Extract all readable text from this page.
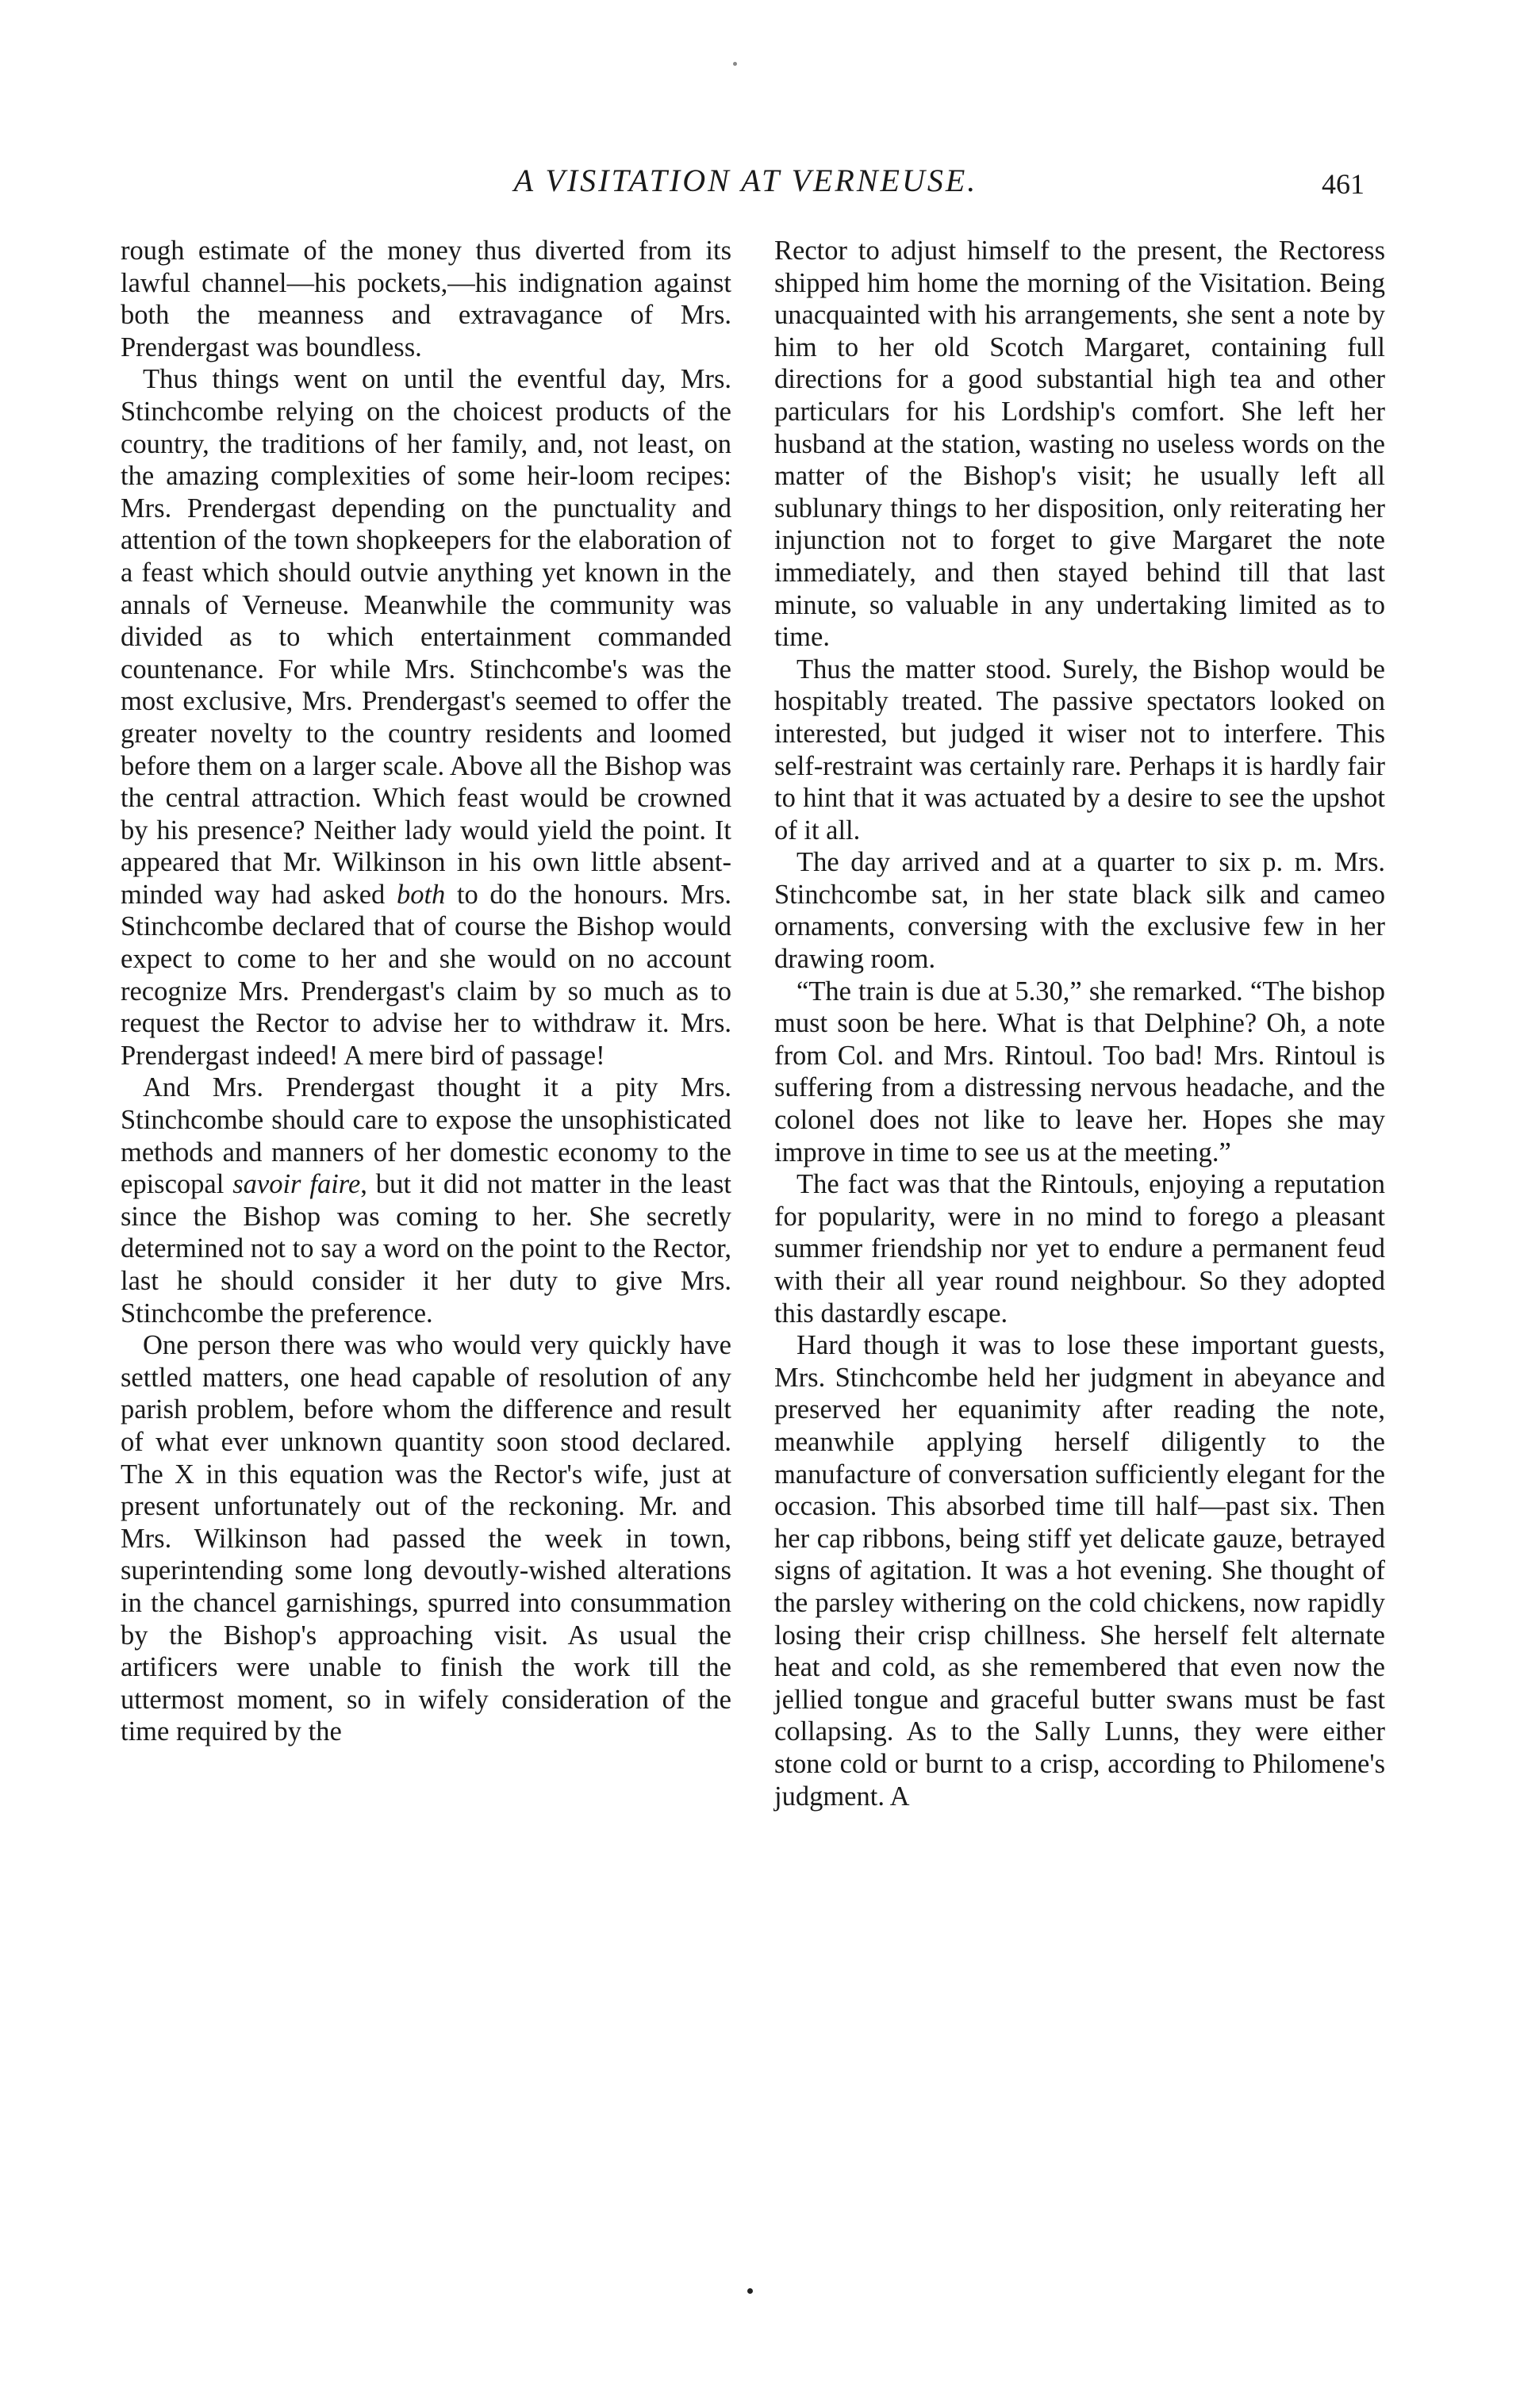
A VISITATION AT VERNEUSE.	461

rough estimate of the money thus diverted from its lawful channel—his pockets,—his indignation against both the meanness and extravagance of Mrs. Prendergast was boundless.

Thus things went on until the eventful day, Mrs. Stinchcombe relying on the choicest products of the country, the traditions of her family, and, not least, on the amazing complexities of some heir-loom recipes: Mrs. Prendergast depending on the punctuality and attention of the town shopkeepers for the elaboration of a feast which should outvie anything yet known in the annals of Verneuse. Meanwhile the community was divided as to which entertainment commanded countenance. For while Mrs. Stinchcombe's was the most exclusive, Mrs. Prendergast's seemed to offer the greater novelty to the country residents and loomed before them on a larger scale. Above all the Bishop was the central attraction. Which feast would be crowned by his presence? Neither lady would yield the point. It appeared that Mr. Wilkinson in his own little absent-minded way had asked both to do the honours. Mrs. Stinchcombe declared that of course the Bishop would expect to come to her and she would on no account recognize Mrs. Prendergast's claim by so much as to request the Rector to advise her to withdraw it. Mrs. Prendergast indeed! A mere bird of passage!

And Mrs. Prendergast thought it a pity Mrs. Stinchcombe should care to expose the unsophisticated methods and manners of her domestic economy to the episcopal savoir faire, but it did not matter in the least since the Bishop was coming to her. She secretly determined not to say a word on the point to the Rector, last he should consider it her duty to give Mrs. Stinchcombe the preference.

One person there was who would very quickly have settled matters, one head capable of resolution of any parish problem, before whom the difference and result of what ever unknown quantity soon stood declared. The X in this equation was the Rector's wife, just at present unfortunately out of the reckoning. Mr. and Mrs. Wilkinson had passed the week in town, superintending some long devoutly-wished alterations in the chancel garnishings, spurred into consummation by the Bishop's approaching visit. As usual the artificers were unable to finish the work till the uttermost moment, so in wifely consideration of the time required by the

Rector to adjust himself to the present, the Rectoress shipped him home the morning of the Visitation. Being unacquainted with his arrangements, she sent a note by him to her old Scotch Margaret, containing full directions for a good substantial high tea and other particulars for his Lordship's comfort. She left her husband at the station, wasting no useless words on the matter of the Bishop's visit; he usually left all sublunary things to her disposition, only reiterating her injunction not to forget to give Margaret the note immediately, and then stayed behind till that last minute, so valuable in any undertaking limited as to time.

Thus the matter stood. Surely, the Bishop would be hospitably treated. The passive spectators looked on interested, but judged it wiser not to interfere. This self-restraint was certainly rare. Perhaps it is hardly fair to hint that it was actuated by a desire to see the upshot of it all.

The day arrived and at a quarter to six p. m. Mrs. Stinchcombe sat, in her state black silk and cameo ornaments, conversing with the exclusive few in her drawing room.

“The train is due at 5.30,” she remarked. “The bishop must soon be here. What is that Delphine? Oh, a note from Col. and Mrs. Rintoul. Too bad! Mrs. Rintoul is suffering from a distressing nervous headache, and the colonel does not like to leave her. Hopes she may improve in time to see us at the meeting.”

The fact was that the Rintouls, enjoying a reputation for popularity, were in no mind to forego a pleasant summer friendship nor yet to endure a permanent feud with their all year round neighbour. So they adopted this dastardly escape.

Hard though it was to lose these important guests, Mrs. Stinchcombe held her judgment in abeyance and preserved her equanimity after reading the note, meanwhile applying herself diligently to the manufacture of conversation sufficiently elegant for the occasion. This absorbed time till half—past six. Then her cap ribbons, being stiff yet delicate gauze, betrayed signs of agitation. It was a hot evening. She thought of the parsley withering on the cold chickens, now rapidly losing their crisp chillness. She herself felt alternate heat and cold, as she remembered that even now the jellied tongue and graceful butter swans must be fast collapsing. As to the Sally Lunns, they were either stone cold or burnt to a crisp, according to Philomene's judgment. A
